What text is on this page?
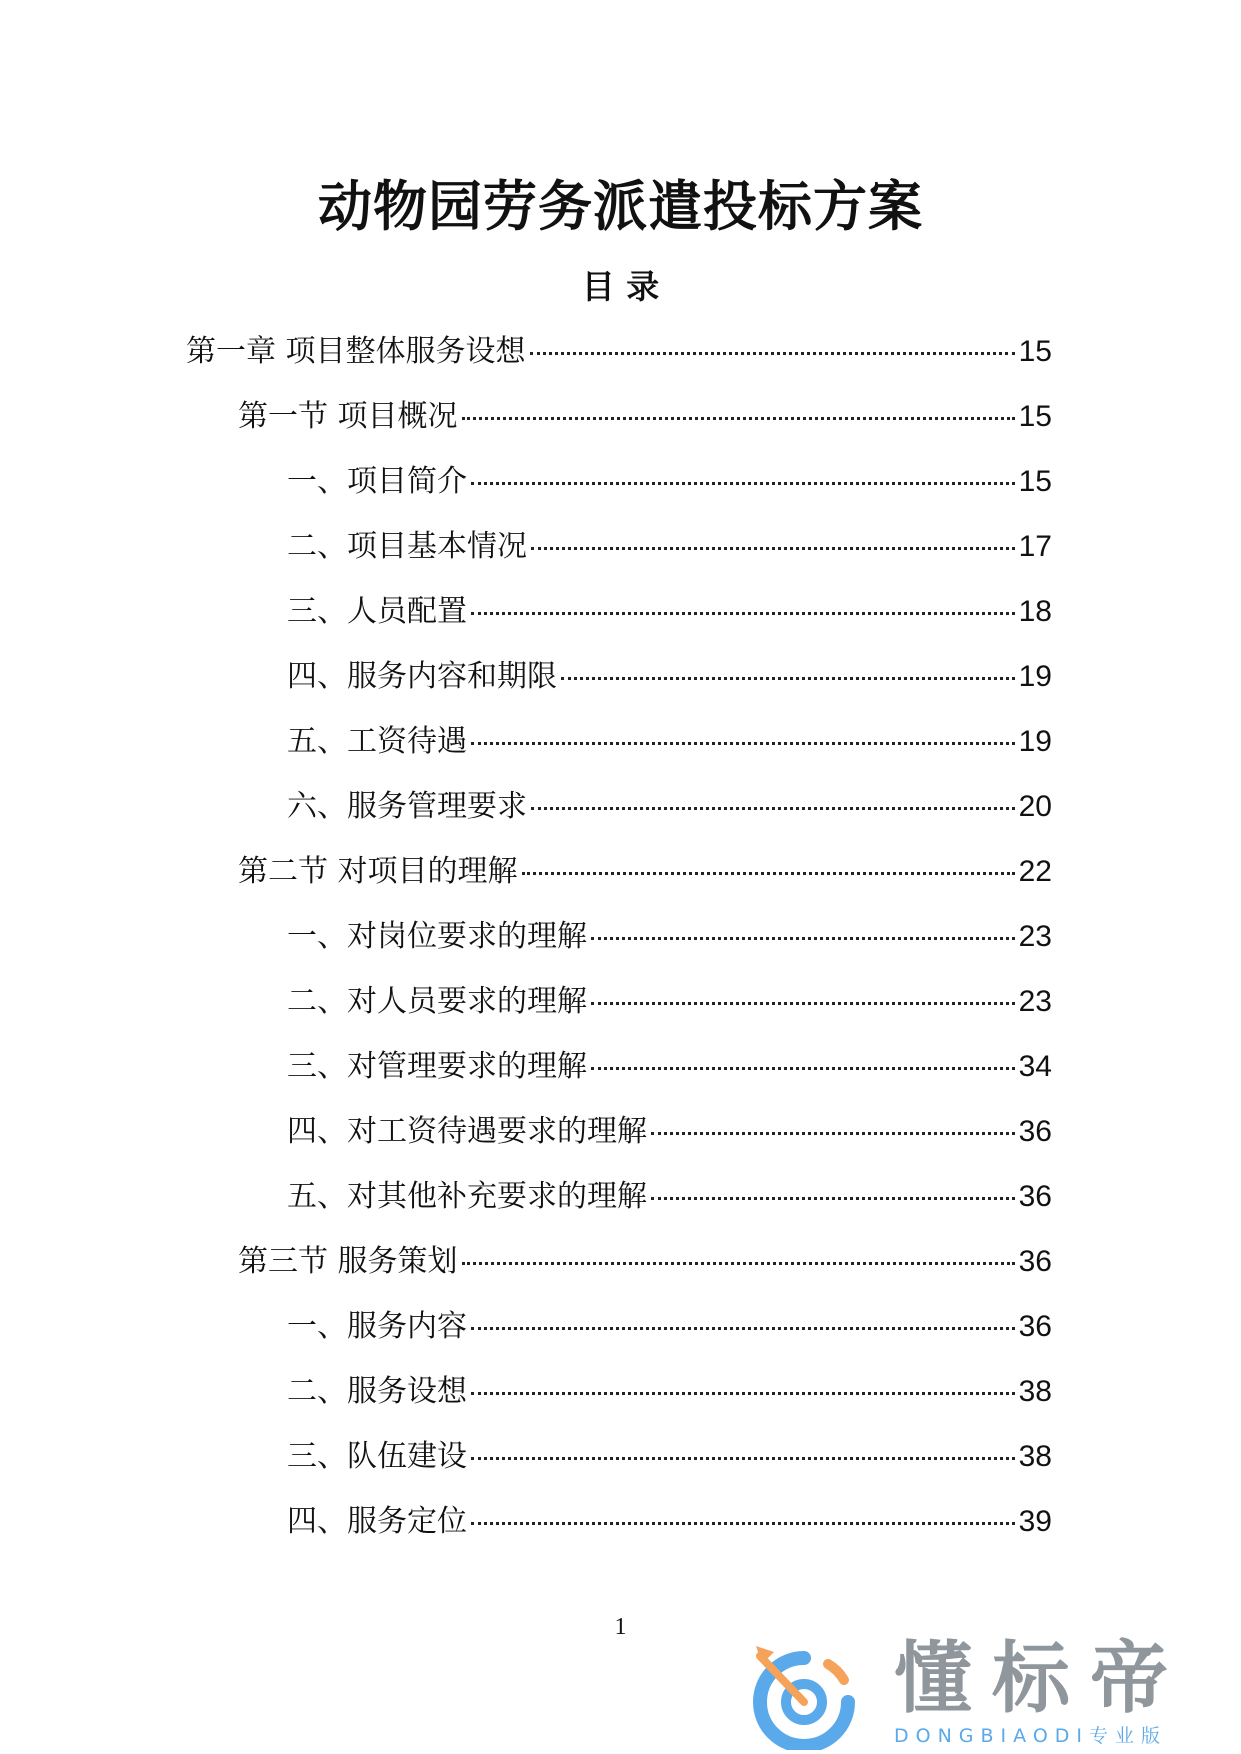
动物园劳务派遣投标方案
目 录
第一章 项目整体服务设想	15
第一节 项目概况	15
一、项目简介	15
二、项目基本情况	17
三、人员配置	18
四、服务内容和期限	19
五、工资待遇	19
六、服务管理要求	20
第二节 对项目的理解	22
一、对岗位要求的理解	23
二、对人员要求的理解	23
三、对管理要求的理解	34
四、对工资待遇要求的理解	36
五、对其他补充要求的理解	36
第三节 服务策划	36
一、服务内容	36
二、服务设想	38
三、队伍建设	38
四、服务定位	39

1

懂标帝
DONGBIAODI专业版
